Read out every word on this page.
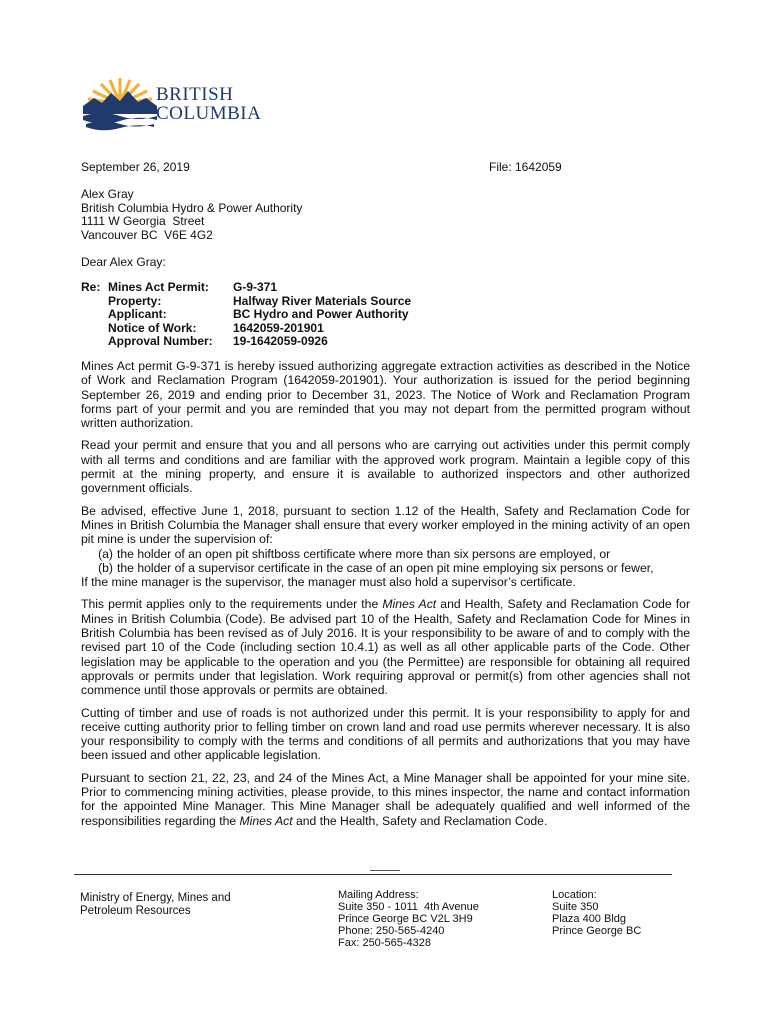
BRITISH
COLUMBIA
September 26, 2019	File: 1642059
Alex Gray
British Columbia Hydro & Power Authority
1111 W Georgia  Street
Vancouver BC  V6E 4G2
Dear Alex Gray:
Re: Mines Act Permit:	G-9-371
Property:	Halfway River Materials Source
Applicant:	BC Hydro and Power Authority
Notice of Work:	1642059-201901
Approval Number:	19-1642059-0926

Mines Act permit G-9-371 is hereby issued authorizing aggregate extraction activities as described in the Notice of Work and Reclamation Program (1642059-201901). Your authorization is issued for the period beginning September 26, 2019 and ending prior to December 31, 2023. The Notice of Work and Reclamation Program forms part of your permit and you are reminded that you may not depart from the permitted program without written authorization.

Read your permit and ensure that you and all persons who are carrying out activities under this permit comply with all terms and conditions and are familiar with the approved work program. Maintain a legible copy of this permit at the mining property, and ensure it is available to authorized inspectors and other authorized government officials.

Be advised, effective June 1, 2018, pursuant to section 1.12 of the Health, Safety and Reclamation Code for Mines in British Columbia the Manager shall ensure that every worker employed in the mining activity of an open pit mine is under the supervision of:

(a) the holder of an open pit shiftboss certificate where more than six persons are employed, or
(b) the holder of a supervisor certificate in the case of an open pit mine employing six persons or fewer,

If the mine manager is the supervisor, the manager must also hold a supervisor’s certificate.

This permit applies only to the requirements under the Mines Act and Health, Safety and Reclamation Code for Mines in British Columbia (Code). Be advised part 10 of the Health, Safety and Reclamation Code for Mines in British Columbia has been revised as of July 2016. It is your responsibility to be aware of and to comply with the revised part 10 of the Code (including section 10.4.1) as well as all other applicable parts of the Code. Other legislation may be applicable to the operation and you (the Permittee) are responsible for obtaining all required approvals or permits under that legislation. Work requiring approval or permit(s) from other agencies shall not commence until those approvals or permits are obtained.

Cutting of timber and use of roads is not authorized under this permit. It is your responsibility to apply for and receive cutting authority prior to felling timber on crown land and road use permits wherever necessary. It is also your responsibility to comply with the terms and conditions of all permits and authorizations that you may have been issued and other applicable legislation.

Pursuant to section 21, 22, 23, and 24 of the Mines Act, a Mine Manager shall be appointed for your mine site. Prior to commencing mining activities, please provide, to this mines inspector, the name and contact information for the appointed Mine Manager. This Mine Manager shall be adequately qualified and well informed of the responsibilities regarding the Mines Act and the Health, Safety and Reclamation Code.

Ministry of Energy, Mines and
Petroleum Resources
Mailing Address:
Suite 350 - 1011  4th Avenue
Prince George BC V2L 3H9
Phone: 250-565-4240
Fax: 250-565-4328
Location:
Suite 350
Plaza 400 Bldg
Prince George BC
